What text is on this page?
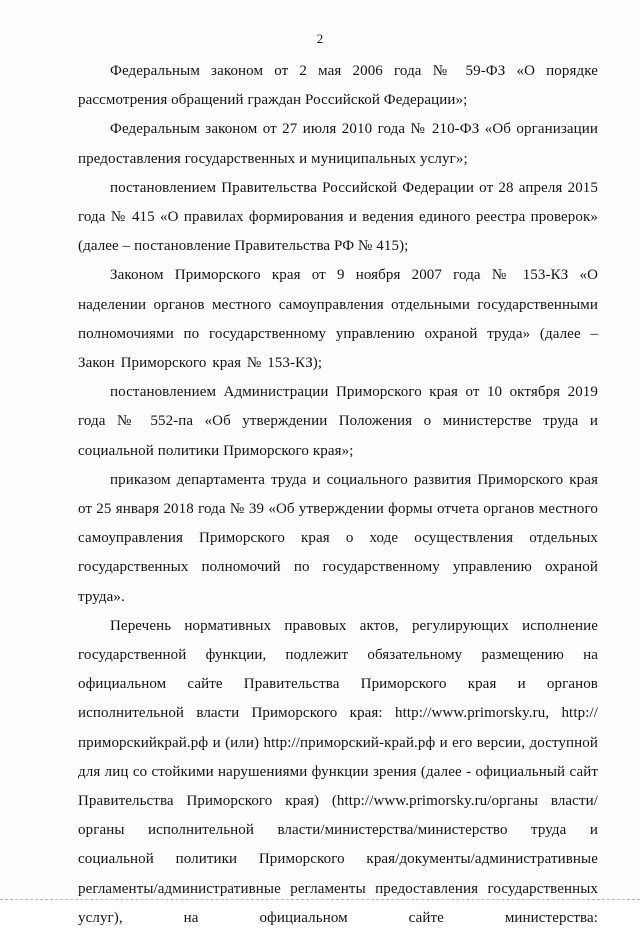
2

Федеральным законом от 2 мая 2006 года № 59-ФЗ «О порядке рассмотрения обращений граждан Российской Федерации»;

Федеральным законом от 27 июля 2010 года № 210-ФЗ «Об организации предоставления государственных и муниципальных услуг»;

постановлением Правительства Российской Федерации от 28 апреля 2015 года № 415 «О правилах формирования и ведения единого реестра проверок» (далее – постановление Правительства РФ № 415);

Законом Приморского края от 9 ноября 2007 года № 153-КЗ «О наделении органов местного самоуправления отдельными государственными полномочиями по государственному управлению охраной труда» (далее – Закон Приморского края № 153-КЗ);

постановлением Администрации Приморского края от 10 октября 2019 года № 552-па «Об утверждении Положения о министерстве труда и социальной политики Приморского края»;

приказом департамента труда и социального развития Приморского края от 25 января 2018 года № 39 «Об утверждении формы отчета органов местного самоуправления Приморского края о ходе осуществления отдельных государственных полномочий по государственному управлению охраной труда».

Перечень нормативных правовых актов, регулирующих исполнение государственной функции, подлежит обязательному размещению на официальном сайте Правительства Приморского края и органов исполнительной власти Приморского края: http://www.primorsky.ru, http://приморскийкрай.рф и (или) http://приморский-край.рф и его версии, доступной для лиц со стойкими нарушениями функции зрения (далее - официальный сайт Правительства Приморского края) (http://www.primorsky.ru/органы власти/органы исполнительной власти/министерства/министерство труда и социальной политики Приморского края/документы/административные регламенты/административные регламенты предоставления государственных услуг), на официальном сайте министерства:
